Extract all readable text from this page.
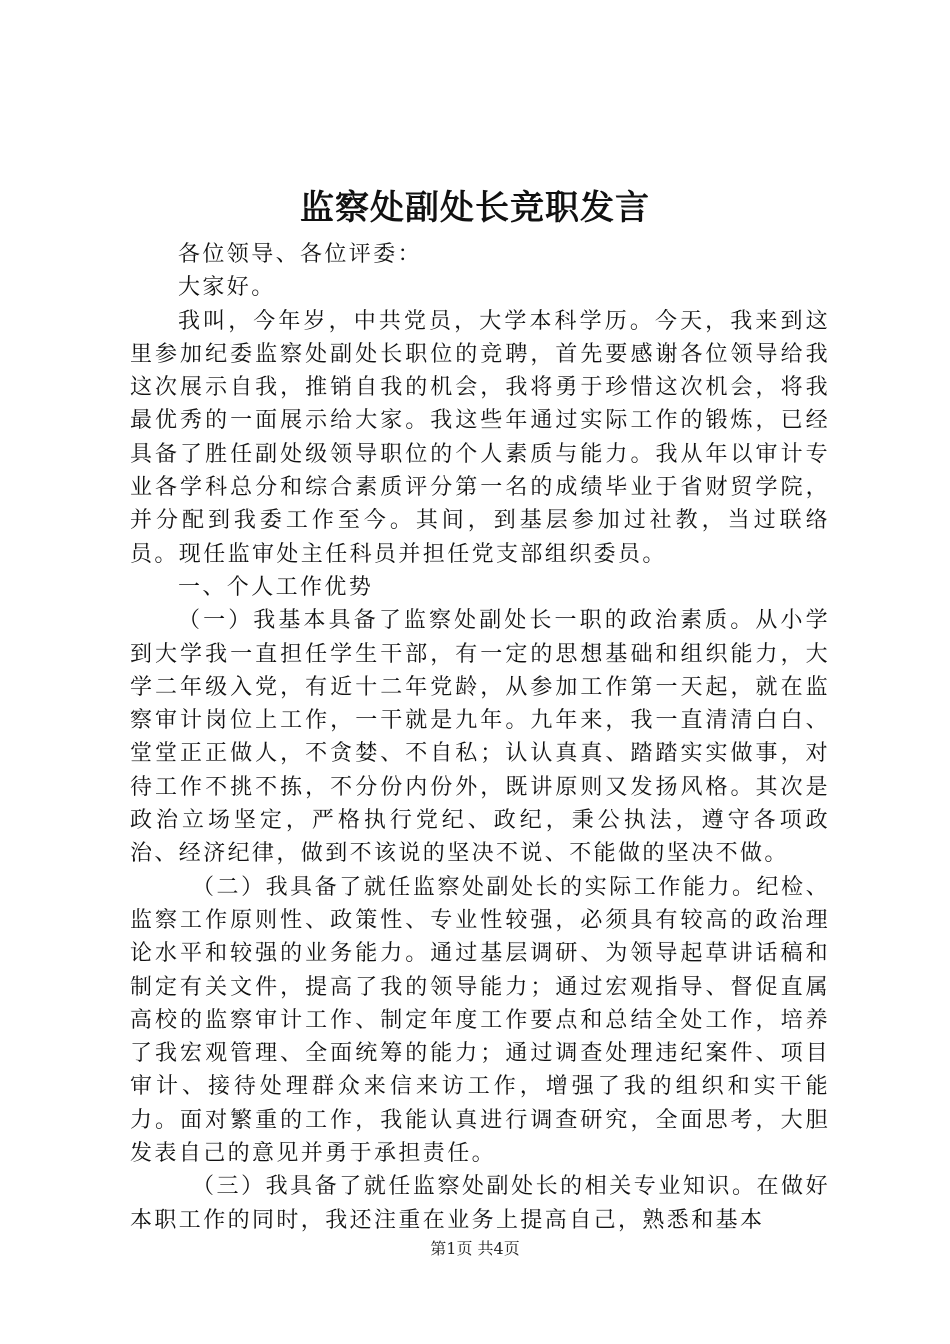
监察处副处长竞职发言

各位领导、各位评委：

大家好。

我叫，今年岁，中共党员，大学本科学历。今天，我来到这里参加纪委监察处副处长职位的竞聘，首先要感谢各位领导给我这次展示自我，推销自我的机会，我将勇于珍惜这次机会，将我最优秀的一面展示给大家。我这些年通过实际工作的锻炼，已经具备了胜任副处级领导职位的个人素质与能力。我从年以审计专业各学科总分和综合素质评分第一名的成绩毕业于省财贸学院，并分配到我委工作至今。其间，到基层参加过社教，当过联络员。现任监审处主任科员并担任党支部组织委员。

一、个人工作优势

（一）我基本具备了监察处副处长一职的政治素质。从小学到大学我一直担任学生干部，有一定的思想基础和组织能力，大学二年级入党，有近十二年党龄，从参加工作第一天起，就在监察审计岗位上工作，一干就是九年。九年来，我一直清清白白、堂堂正正做人，不贪婪、不自私；认认真真、踏踏实实做事，对待工作不挑不拣，不分份内份外，既讲原则又发扬风格。其次是政治立场坚定，严格执行党纪、政纪，秉公执法，遵守各项政治、经济纪律，做到不该说的坚决不说、不能做的坚决不做。

（二）我具备了就任监察处副处长的实际工作能力。纪检、监察工作原则性、政策性、专业性较强，必须具有较高的政治理论水平和较强的业务能力。通过基层调研、为领导起草讲话稿和制定有关文件，提高了我的领导能力；通过宏观指导、督促直属高校的监察审计工作、制定年度工作要点和总结全处工作，培养了我宏观管理、全面统筹的能力；通过调查处理违纪案件、项目审计、接待处理群众来信来访工作，增强了我的组织和实干能力。面对繁重的工作，我能认真进行调查研究，全面思考，大胆发表自己的意见并勇于承担责任。

（三）我具备了就任监察处副处长的相关专业知识。在做好本职工作的同时，我还注重在业务上提高自己，熟悉和基本

第1页 共4页
